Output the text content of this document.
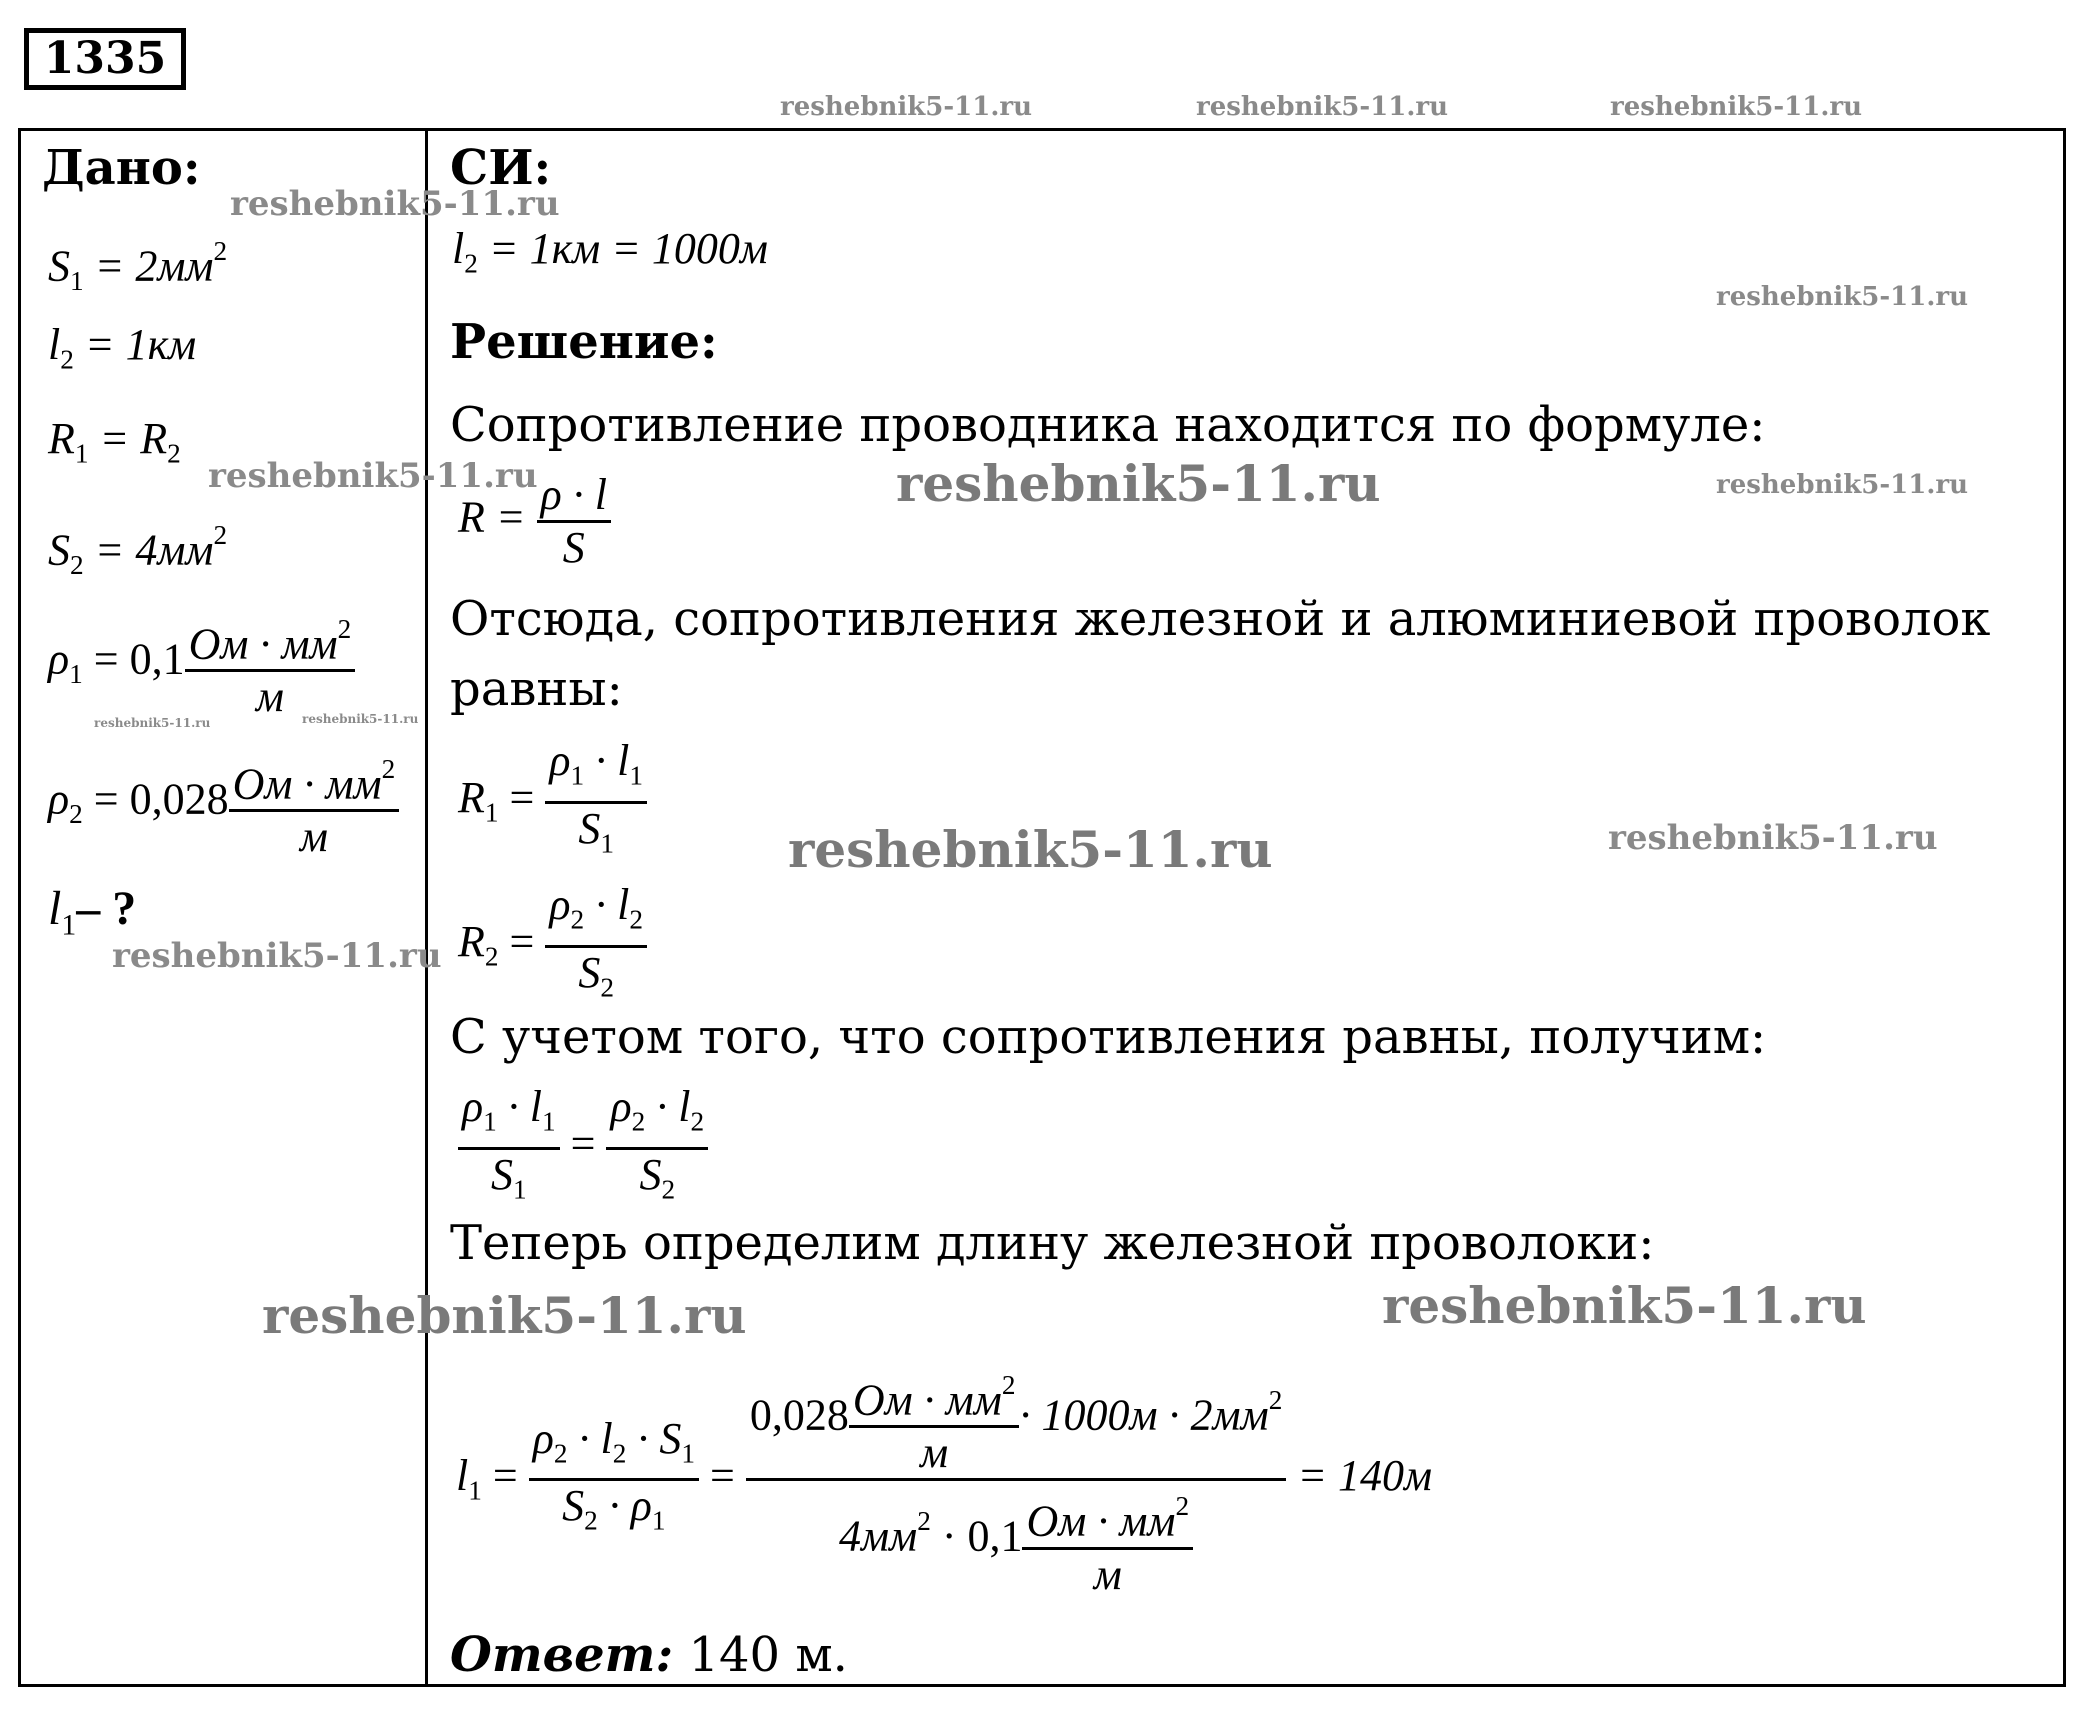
1335
reshebnik5-11.ru	reshebnik5-11.ru	reshebnik5-11.ru
Дано:
reshebnik5-11.ru
$S_1 = 2мм^2$
$l_2 = 1км$
$R_1 = R_2$
reshebnik5-11.ru
$S_2 = 4мм^2$
$\rho_1 = 0,1 \frac{Ом \cdot мм^2}{м}$
reshebnik5-11.ru	reshebnik5-11.ru
$\rho_2 = 0,028 \frac{Ом \cdot мм^2}{м}$
$l_1-$ ?
reshebnik5-11.ru
СИ:
$l_2 = 1км = 1000м$
reshebnik5-11.ru
Решение:
Сопротивление проводника находится по формуле:
$R = \frac{\rho \cdot l}{S}$	reshebnik5-11.ru	reshebnik5-11.ru
Отсюда, сопротивления железной и алюминиевой проволок
равны:
$R_1 = \frac{\rho_1 \cdot l_1}{S_1}$	reshebnik5-11.ru	reshebnik5-11.ru
$R_2 = \frac{\rho_2 \cdot l_2}{S_2}$
С учетом того, что сопротивления равны, получим:
$\frac{\rho_1 \cdot l_1}{S_1} = \frac{\rho_2 \cdot l_2}{S_2}$
Теперь определим длину железной проволоки:
reshebnik5-11.ru	reshebnik5-11.ru
$l_1 = \frac{\rho_2 \cdot l_2 \cdot S_1}{S_2 \cdot \rho_1} = \frac{0,028 \frac{Ом \cdot мм^2}{м} \cdot 1000м \cdot 2мм^2}{4мм^2 \cdot 0,1 \frac{Ом \cdot мм^2}{м}} = 140м$
Ответ: 140 м.
